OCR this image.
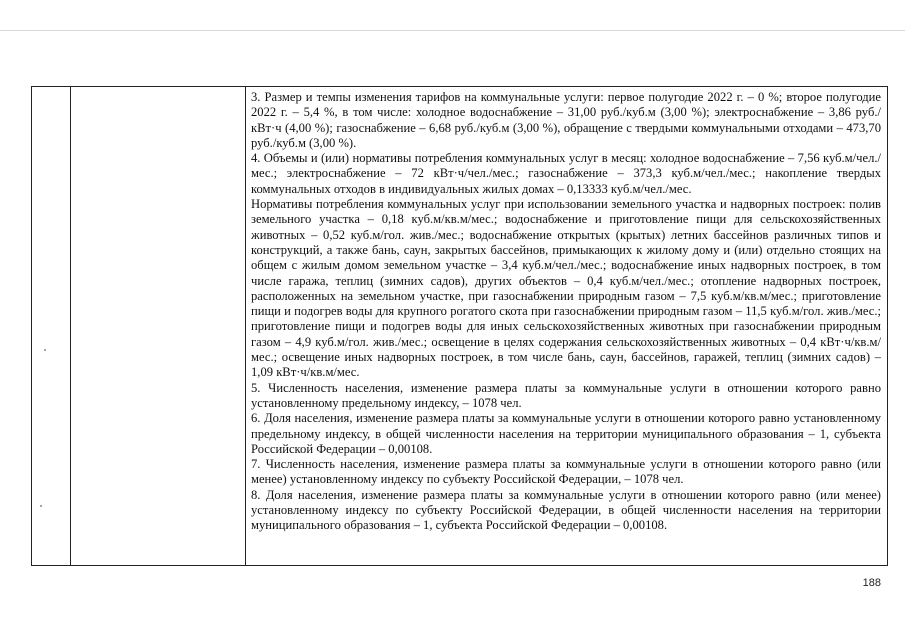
3. Размер и темпы изменения тарифов на коммунальные услуги: первое полугодие 2022 г. – 0 %; второе полугодие 2022 г. – 5,4 %, в том числе: холодное водоснабжение – 31,00 руб./куб.м (3,00 %); электроснабжение – 3,86 руб./кВт·ч (4,00 %); газоснабжение – 6,68 руб./куб.м (3,00 %), обращение с твердыми коммунальными отходами – 473,70 руб./куб.м (3,00 %).

4. Объемы и (или) нормативы потребления коммунальных услуг в месяц: холодное водоснабжение – 7,56 куб.м/чел./мес.; электроснабжение – 72 кВт·ч/чел./мес.; газоснабжение – 373,3 куб.м/чел./мес.; накопление твердых коммунальных отходов в индивидуальных жилых домах – 0,13333 куб.м/чел./мес.

Нормативы потребления коммунальных услуг при использовании земельного участка и надворных построек: полив земельного участка – 0,18 куб.м/кв.м/мес.; водоснабжение и приготовление пищи для сельскохозяйственных животных – 0,52 куб.м/гол. жив./мес.; водоснабжение открытых (крытых) летних бассейнов различных типов и конструкций, а также бань, саун, закрытых бассейнов, примыкающих к жилому дому и (или) отдельно стоящих на общем с жилым домом земельном участке – 3,4 куб.м/чел./мес.; водоснабжение иных надворных построек, в том числе гаража, теплиц (зимних садов), других объектов – 0,4 куб.м/чел./мес.; отопление надворных построек, расположенных на земельном участке, при газоснабжении природным газом – 7,5 куб.м/кв.м/мес.; приготовление пищи и подогрев воды для крупного рогатого скота при газоснабжении природным газом – 11,5 куб.м/гол. жив./мес.; приготовление пищи и подогрев воды для иных сельскохозяйственных животных при газоснабжении природным газом – 4,9 куб.м/гол. жив./мес.; освещение в целях содержания сельскохозяйственных животных – 0,4 кВт·ч/кв.м/мес.; освещение иных надворных построек, в том числе бань, саун, бассейнов, гаражей, теплиц (зимних садов) – 1,09 кВт·ч/кв.м/мес.

5. Численность населения, изменение размера платы за коммунальные услуги в отношении которого равно установленному предельному индексу, – 1078 чел.

6. Доля населения, изменение размера платы за коммунальные услуги в отношении которого равно установленному предельному индексу, в общей численности населения на территории муниципального образования – 1, субъекта Российской Федерации – 0,00108.

7. Численность населения, изменение размера платы за коммунальные услуги в отношении которого равно (или менее) установленному индексу по субъекту Российской Федерации, – 1078 чел.

8. Доля населения, изменение размера платы за коммунальные услуги в отношении которого равно (или менее) установленному индексу по субъекту Российской Федерации, в общей численности населения на территории муниципального образования – 1, субъекта Российской Федерации – 0,00108.

188
